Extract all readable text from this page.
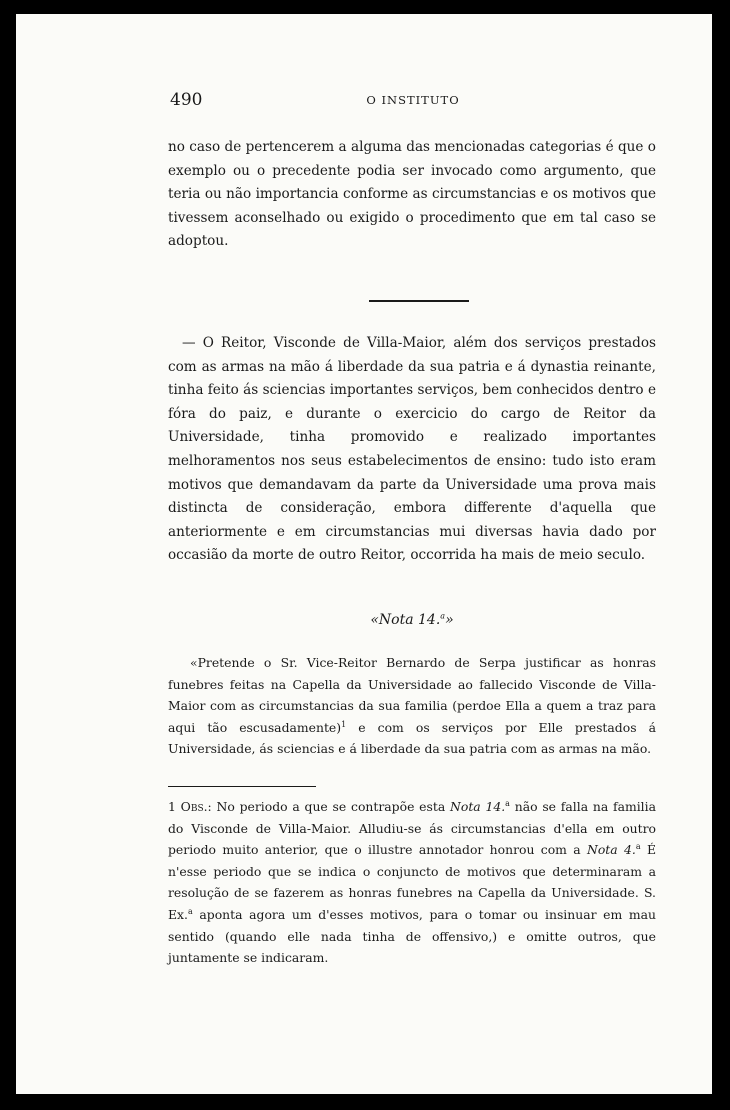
490	O INSTITUTO

no caso de pertencerem a alguma das mencionadas categorias é que o exemplo ou o precedente podia ser invocado como argumento, que teria ou não importancia conforme as circumstancias e os motivos que tivessem aconselhado ou exigido o procedimento que em tal caso se adoptou.

— O Reitor, Visconde de Villa-Maior, além dos serviços prestados com as armas na mão á liberdade da sua patria e á dynastia reinante, tinha feito ás sciencias importantes serviços, bem conhecidos dentro e fóra do paiz, e durante o exercicio do cargo de Reitor da Universidade, tinha promovido e realizado importantes melhoramentos nos seus estabelecimentos de ensino: tudo isto eram motivos que demandavam da parte da Universidade uma prova mais distincta de consideração, embora differente d'aquella que anteriormente e em circumstancias mui diversas havia dado por occasião da morte de outro Reitor, occorrida ha mais de meio seculo.

«Nota 14.$^a$»

«Pretende o Sr. Vice-Reitor Bernardo de Serpa justificar as honras funebres feitas na Capella da Universidade ao fallecido Visconde de Villa-Maior com as circumstancias da sua familia (perdoe Ella a quem a traz para aqui tão escusadamente)$^1$ e com os serviços por Elle prestados á Universidade, ás sciencias e á liberdade da sua patria com as armas na mão.

1 Obs.: No periodo a que se contrapõe esta Nota 14.$^a$ não se falla na familia do Visconde de Villa-Maior. Alludiu-se ás circumstancias d'ella em outro periodo muito anterior, que o illustre annotador honrou com a Nota 4.$^a$ É n'esse periodo que se indica o conjuncto de motivos que determinaram a resolução de se fazerem as honras funebres na Capella da Universidade. S. Ex.$^a$ aponta agora um d'esses motivos, para o tomar ou insinuar em mau sentido (quando elle nada tinha de offensivo,) e omitte outros, que juntamente se indicaram.
